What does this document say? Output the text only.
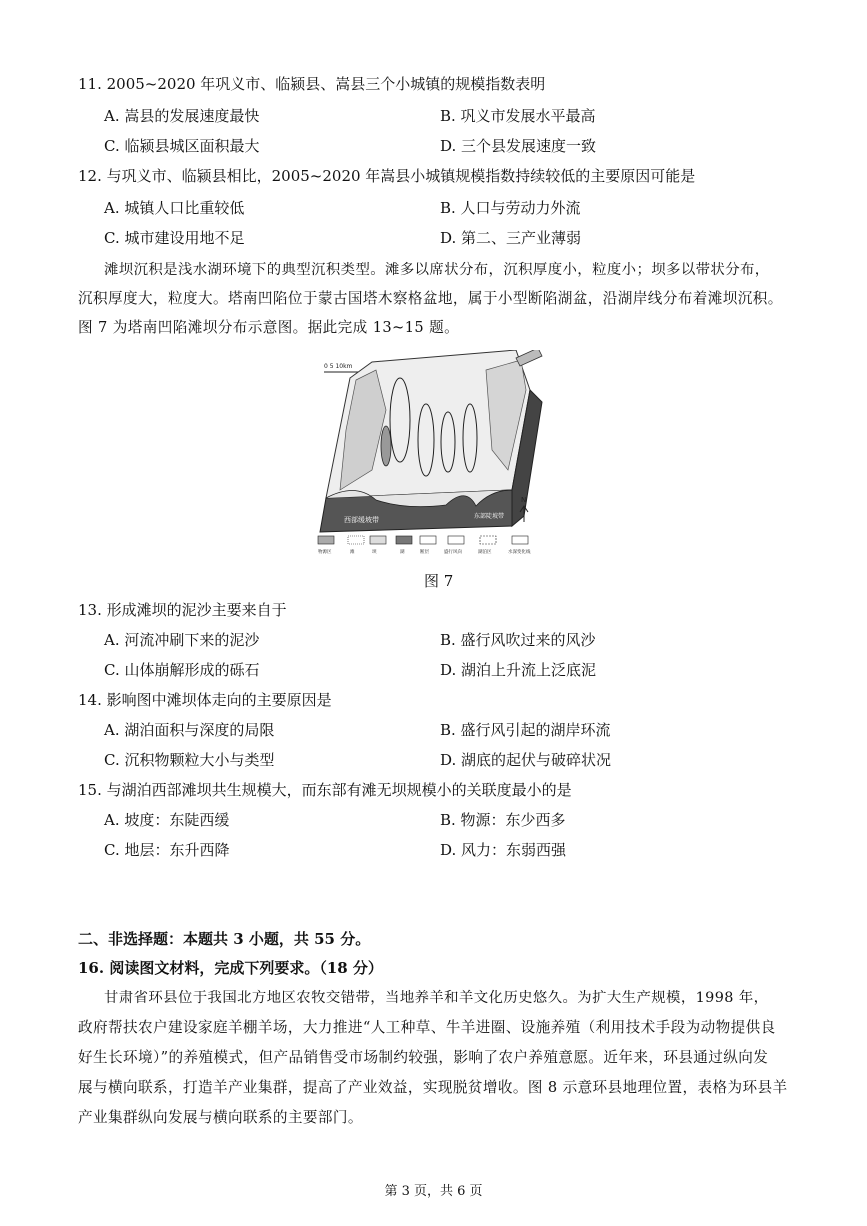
11. 2005~2020 年巩义市、临颍县、嵩县三个小城镇的规模指数表明
A. 嵩县的发展速度最快	B. 巩义市发展水平最高
C. 临颍县城区面积最大	D. 三个县发展速度一致
12. 与巩义市、临颍县相比，2005~2020 年嵩县小城镇规模指数持续较低的主要原因可能是
A. 城镇人口比重较低	B. 人口与劳动力外流
C. 城市建设用地不足	D. 第二、三产业薄弱
滩坝沉积是浅水湖环境下的典型沉积类型。滩多以席状分布，沉积厚度小，粒度小；坝多以带状分布，
沉积厚度大，粒度大。塔南凹陷位于蒙古国塔木察格盆地，属于小型断陷湖盆，沿湖岸线分布着滩坝沉积。
图 7 为塔南凹陷滩坝分布示意图。据此完成 13~15 题。
0 5 10km
西部缓坡带	东部陡坡带
N
物源区	滩	坝	湖	断层	盛行风向	湖泊区	水深变化线
图 7
13. 形成滩坝的泥沙主要来自于
A. 河流冲刷下来的泥沙	B. 盛行风吹过来的风沙
C. 山体崩解形成的砾石	D. 湖泊上升流上泛底泥
14. 影响图中滩坝体走向的主要原因是
A. 湖泊面积与深度的局限	B. 盛行风引起的湖岸环流
C. 沉积物颗粒大小与类型	D. 湖底的起伏与破碎状况
15. 与湖泊西部滩坝共生规模大，而东部有滩无坝规模小的关联度最小的是
A. 坡度：东陡西缓	B. 物源：东少西多
C. 地层：东升西降	D. 风力：东弱西强
二、非选择题：本题共 3 小题，共 55 分。
16. 阅读图文材料，完成下列要求。（18 分）
甘肃省环县位于我国北方地区农牧交错带，当地养羊和羊文化历史悠久。为扩大生产规模，1998 年，
政府帮扶农户建设家庭羊棚羊场，大力推进“人工种草、牛羊进圈、设施养殖（利用技术手段为动物提供良
好生长环境）”的养殖模式，但产品销售受市场制约较强，影响了农户养殖意愿。近年来，环县通过纵向发
展与横向联系，打造羊产业集群，提高了产业效益，实现脱贫增收。图 8 示意环县地理位置，表格为环县羊
产业集群纵向发展与横向联系的主要部门。
第 3 页，共 6 页
